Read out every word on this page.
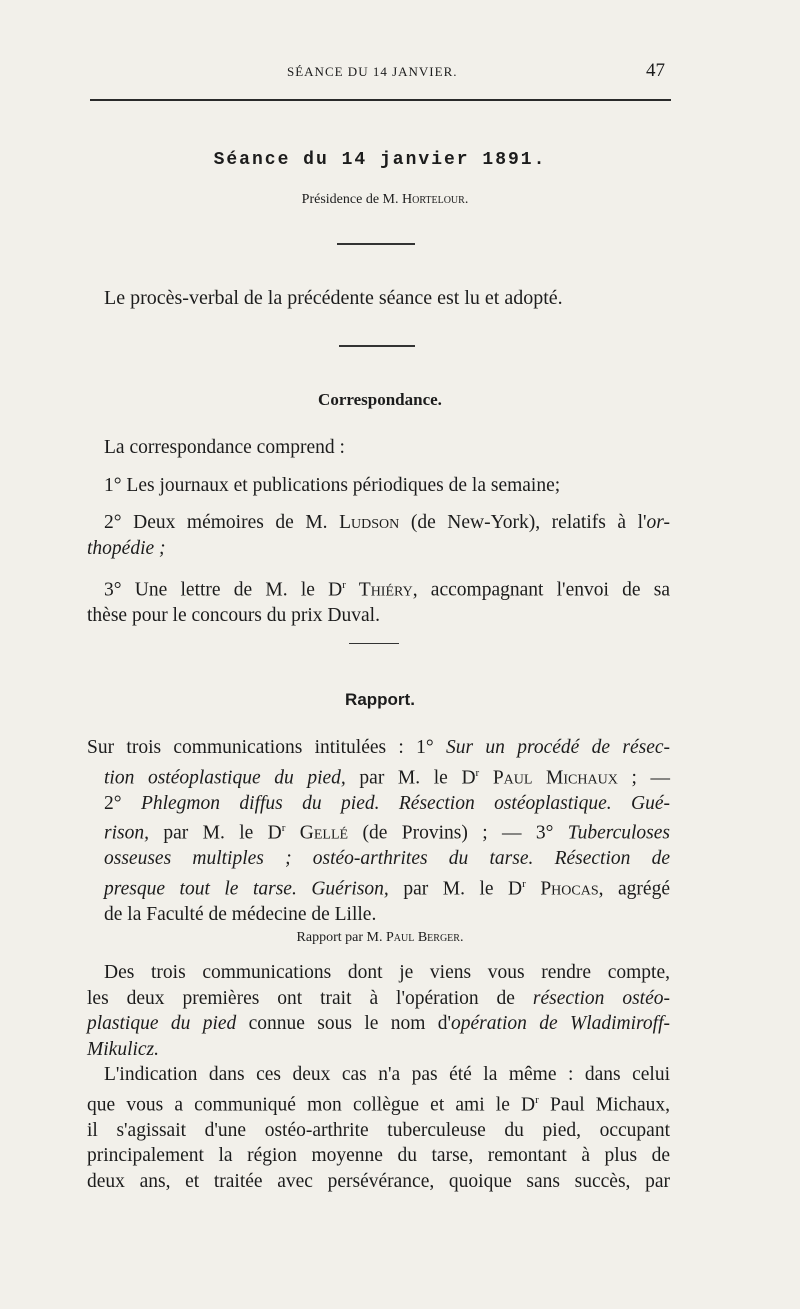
SÉANCE DU 14 JANVIER.	47
Séance du 14 janvier 1891.
Présidence de M. Hortelour.
Le procès-verbal de la précédente séance est lu et adopté.
Correspondance.
La correspondance comprend :
1° Les journaux et publications périodiques de la semaine;
2° Deux mémoires de M. Ludson (de New-York), relatifs à l'or-
thopédie ;
3° Une lettre de M. le $D^r$ Thiéry, accompagnant l'envoi de sa
thèse pour le concours du prix Duval.
Rapport.
Sur trois communications intitulées : 1° Sur un procédé de résec-
tion ostéoplastique du pied, par M. le $D^r$ Paul Michaux ; —
2° Phlegmon diffus du pied. Résection ostéoplastique. Gué-
rison, par M. le $D^r$ Gellé (de Provins) ; — 3° Tuberculoses
osseuses multiples ; ostéo-arthrites du tarse. Résection de
presque tout le tarse. Guérison, par M. le $D^r$ Phocas, agrégé
de la Faculté de médecine de Lille.
Rapport par M. Paul Berger.
Des trois communications dont je viens vous rendre compte,
les deux premières ont trait à l'opération de résection ostéo-
plastique du pied connue sous le nom d'opération de Wladimiroff-
Mikulicz.
L'indication dans ces deux cas n'a pas été la même : dans celui
que vous a communiqué mon collègue et ami le $D^r$ Paul Michaux,
il s'agissait d'une ostéo-arthrite tuberculeuse du pied, occupant
principalement la région moyenne du tarse, remontant à plus de
deux ans, et traitée avec persévérance, quoique sans succès, par
